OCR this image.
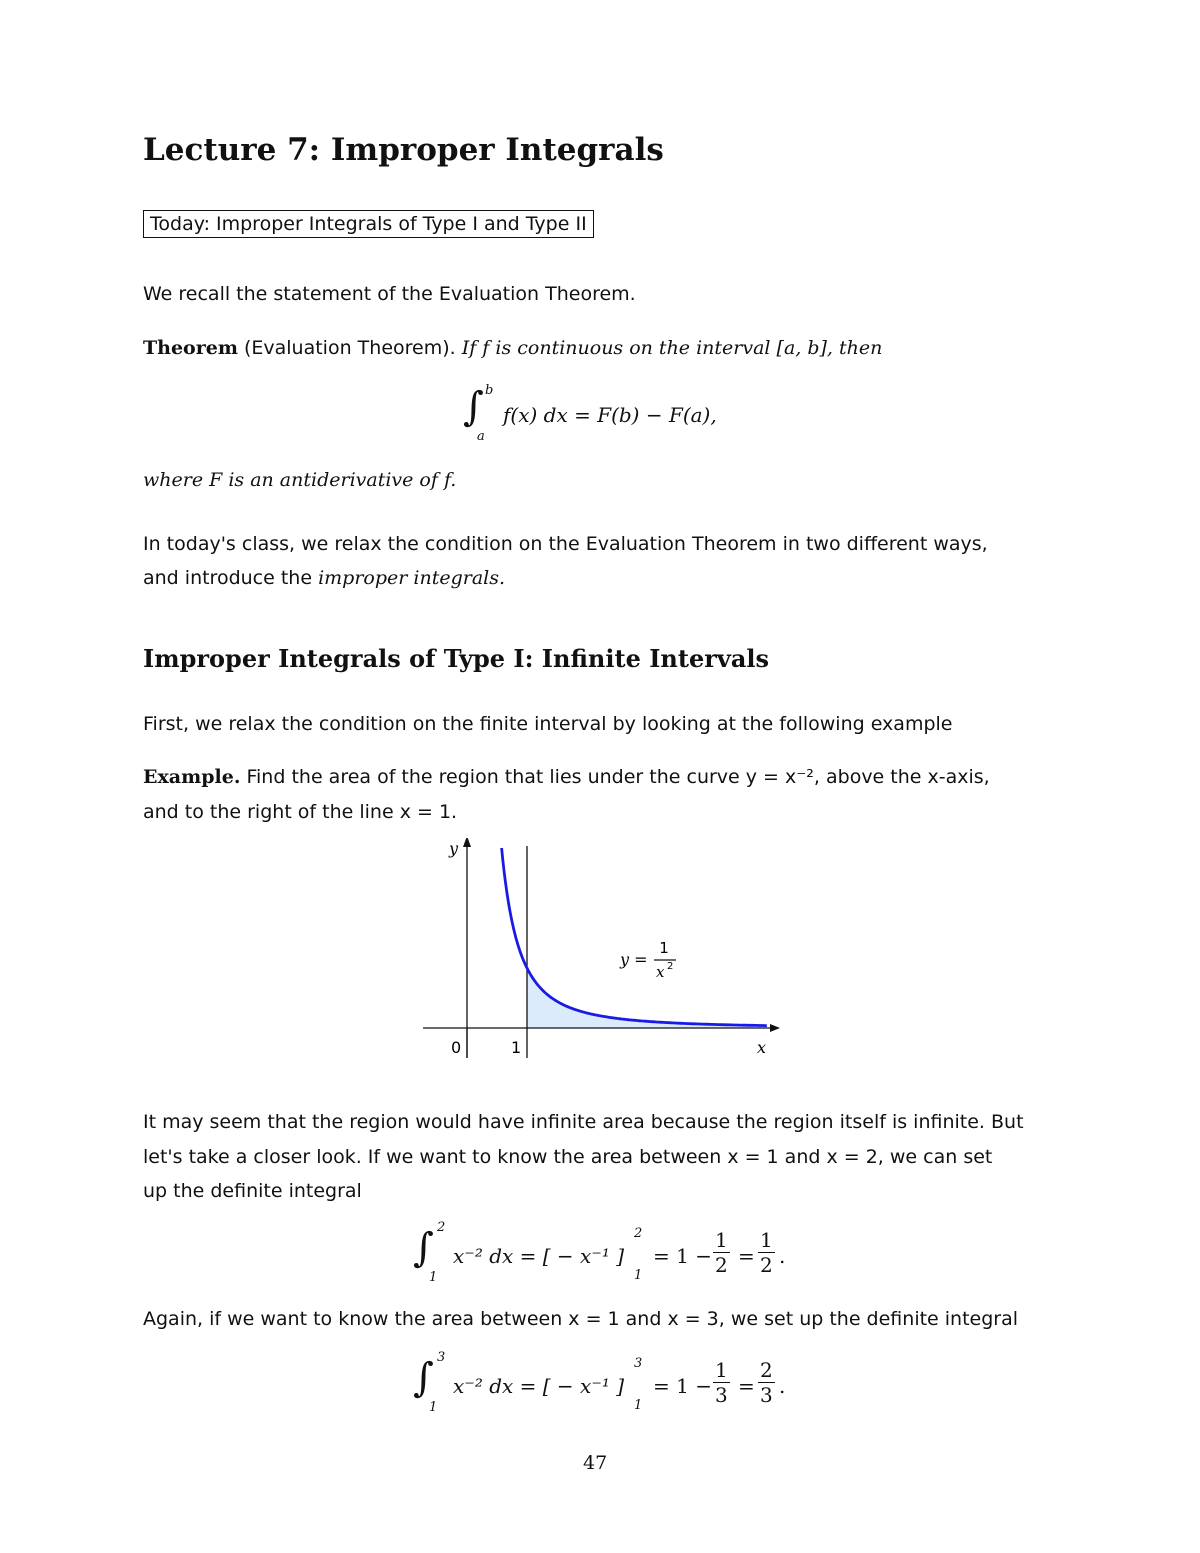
Lecture 7: Improper Integrals
Today: Improper Integrals of Type I and Type II
We recall the statement of the Evaluation Theorem.
Theorem (Evaluation Theorem). If f is continuous on the interval [a, b], then
∫ b
a
f(x) dx = F(b) − F(a),
where F is an antiderivative of f.
In today's class, we relax the condition on the Evaluation Theorem in two different ways,
and introduce the improper integrals.
Improper Integrals of Type I: Infinite Intervals
First, we relax the condition on the finite interval by looking at the following example
Example. Find the area of the region that lies under the curve y = x⁻², above the x-axis,
and to the right of the line x = 1.
y
x
0	1
y =
1
x 2
It may seem that the region would have infinite area because the region itself is infinite. But
let's take a closer look. If we want to know the area between x = 1 and x = 2, we can set
up the definite integral
∫ 2
1
x⁻² dx = [ − x⁻¹ ]
2
1
= $1 - \frac{1}{2} = \frac{1}{2}$ .
Again, if we want to know the area between x = 1 and x = 3, we set up the definite integral
∫ 3
1
x⁻² dx = [ − x⁻¹ ]
3
1
= $1 - \frac{1}{3} = \frac{2}{3}$ .
47
